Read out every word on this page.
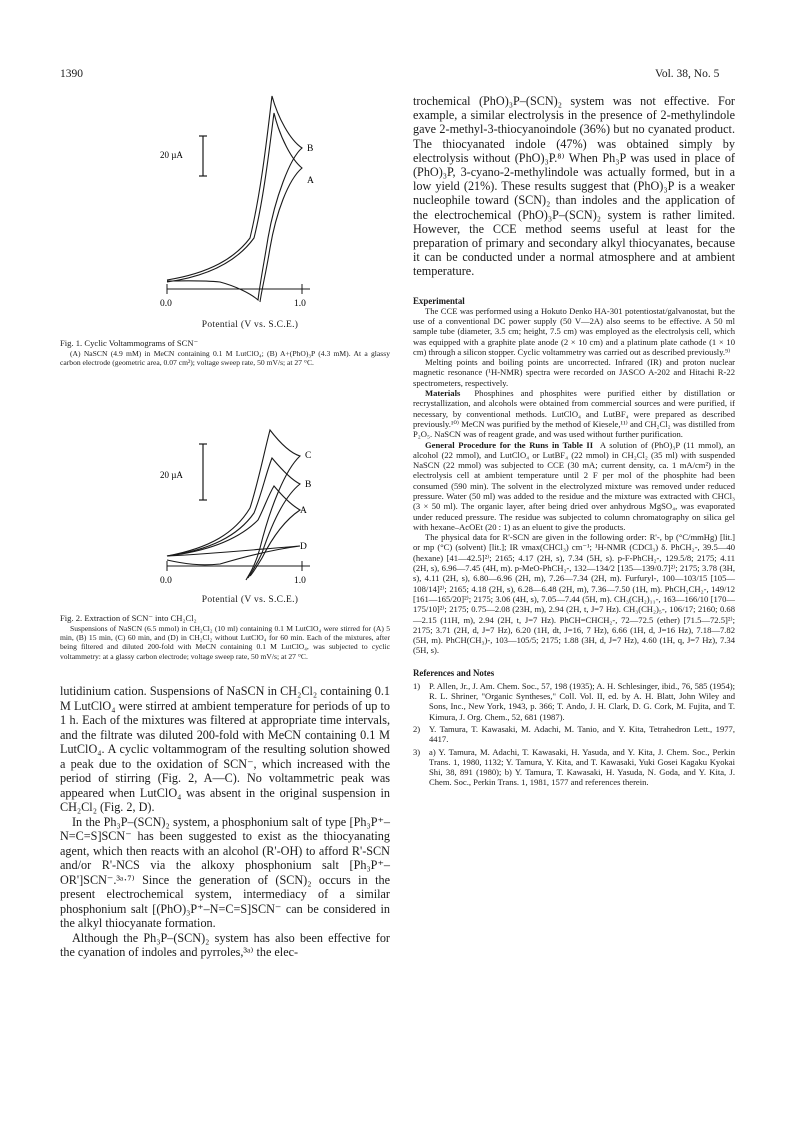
1390	Vol. 38, No. 5
20 µA
B
A
0.0	1.0
Potential (V vs. S.C.E.)
Fig. 1. Cyclic Voltammograms of SCN⁻
(A) NaSCN (4.9 mM) in MeCN containing 0.1 M LutClO₄; (B) A+(PhO)₃P (4.3 mM). At a glassy carbon electrode (geometric area, 0.07 cm²); voltage sweep rate, 50 mV/s; at 27 °C.
20 µA
C
B
A
D
0.0	1.0
Potential (V vs. S.C.E.)
Fig. 2. Extraction of SCN⁻ into CH₂Cl₂
Suspensions of NaSCN (6.5 mmol) in CH₂Cl₂ (10 ml) containing 0.1 M LutClO₄ were stirred for (A) 5 min, (B) 15 min, (C) 60 min, and (D) in CH₂Cl₂ without LutClO₄ for 60 min. Each of the mixtures, after being filtered and diluted 200-fold with MeCN containing 0.1 M LutClO₄, was subjected to cyclic voltammetry: at a glassy carbon electrode; voltage sweep rate, 50 mV/s; at 27 °C.

lutidinium cation. Suspensions of NaSCN in CH₂Cl₂ containing 0.1 M LutClO₄ were stirred at ambient temperature for periods of up to 1 h. Each of the mixtures was filtered at appropriate time intervals, and the filtrate was diluted 200-fold with MeCN containing 0.1 M LutClO₄. A cyclic voltammogram of the resulting solution showed a peak due to the oxidation of SCN⁻, which increased with the period of stirring (Fig. 2, A—C). No voltammetric peak was appeared when LutClO₄ was absent in the original suspension in CH₂Cl₂ (Fig. 2, D).

In the Ph₃P–(SCN)₂ system, a phosphonium salt of type [Ph₃P⁺–N=C=S]SCN⁻ has been suggested to exist as the thiocyanating agent, which then reacts with an alcohol (R'-OH) to afford R'-SCN and/or R'-NCS via the alkoxy phosphonium salt [Ph₃P⁺–OR']SCN⁻.³ᵃ·⁷⁾ Since the generation of (SCN)₂ occurs in the present electrochemical system, intermediacy of a similar phosphonium salt [(PhO)₃P⁺–N=C=S]SCN⁻ can be considered in the alkyl thiocyanate formation.

Although the Ph₃P–(SCN)₂ system has also been effective for the cyanation of indoles and pyrroles,³ᵃ⁾ the elec-

trochemical (PhO)₃P–(SCN)₂ system was not effective. For example, a similar electrolysis in the presence of 2-methylindole gave 2-methyl-3-thiocyanoindole (36%) but no cyanated product. The thiocyanated indole (47%) was obtained simply by electrolysis without (PhO)₃P.⁸⁾ When Ph₃P was used in place of (PhO)₃P, 3-cyano-2-methylindole was actually formed, but in a low yield (21%). These results suggest that (PhO)₃P is a weaker nucleophile toward (SCN)₂ than indoles and the application of the electrochemical (PhO)₃P–(SCN)₂ system is rather limited. However, the CCE method seems useful at least for the preparation of primary and secondary alkyl thiocyanates, because it can be conducted under a normal atmosphere and at ambient temperature.

Experimental

The CCE was performed using a Hokuto Denko HA-301 potentiostat/galvanostat, but the use of a conventional DC power supply (50 V—2A) also seems to be effective. A 50 ml sample tube (diameter, 3.5 cm; height, 7.5 cm) was employed as the electrolysis cell, which was equipped with a graphite plate anode (2 × 10 cm) and a platinum plate cathode (1 × 10 cm) through a silicon stopper. Cyclic voltammetry was carried out as described previously.⁹⁾

Melting points and boiling points are uncorrected. Infrared (IR) and proton nuclear magnetic resonance (¹H-NMR) spectra were recorded on JASCO A-202 and Hitachi R-22 spectrometers, respectively.

Materials Phosphines and phosphites were purified either by distillation or recrystallization, and alcohols were obtained from commercial sources and were purified, if necessary, by conventional methods. LutClO₄ and LutBF₄ were prepared as described previously.¹⁰⁾ MeCN was purified by the method of Kiesele,¹¹⁾ and CH₂Cl₂ was distilled from P₂O₅. NaSCN was of reagent grade, and was used without further purification.

General Procedure for the Runs in Table II A solution of (PhO)₃P (11 mmol), an alcohol (22 mmol), and LutClO₄ or LutBF₄ (22 mmol) in CH₂Cl₂ (35 ml) with suspended NaSCN (22 mmol) was subjected to CCE (30 mA; current density, ca. 1 mA/cm²) in the electrolysis cell at ambient temperature until 2 F per mol of the phosphite had been consumed (590 min). The solvent in the electrolyzed mixture was removed under reduced pressure. Water (50 ml) was added to the residue and the mixture was extracted with CHCl₃ (3 × 50 ml). The organic layer, after being dried over anhydrous MgSO₄, was evaporated under reduced pressure. The residue was subjected to column chromatography on silica gel with hexane–AcOEt (20 : 1) as an eluent to give the products.

The physical data for R'-SCN are given in the following order: R'-, bp (°C/mmHg) [lit.] or mp (°C) (solvent) [lit.]; IR νmax(CHCl₃) cm⁻¹; ¹H-NMR (CDCl₃) δ. PhCH₂-, 39.5—40 (hexane) [41—42.5]²⁾; 2165; 4.17 (2H, s), 7.34 (5H, s). p-F-PhCH₂-, 129.5/8; 2175; 4.11 (2H, s), 6.96—7.45 (4H, m). p-MeO-PhCH₂-, 132—134/2 [135—139/0.7]²⁾; 2175; 3.78 (3H, s), 4.11 (2H, s), 6.80—6.96 (2H, m), 7.26—7.34 (2H, m). Furfuryl-, 100—103/15 [105—108/14]²⁾; 2165; 4.18 (2H, s), 6.28—6.48 (2H, m), 7.36—7.50 (1H, m). PhCH₂CH₂-, 149/12 [161—165/20]²⁾; 2175; 3.06 (4H, s), 7.05—7.44 (5H, m). CH₃(CH₂)₁₁-, 163—166/10 [170—175/10]²⁾; 2175; 0.75—2.08 (23H, m), 2.94 (2H, t, J=7 Hz). CH₃(CH₂)₅-, 106/17; 2160; 0.68—2.15 (11H, m), 2.94 (2H, t, J=7 Hz). PhCH=CHCH₂-, 72—72.5 (ether) [71.5—72.5]²⁾; 2175; 3.71 (2H, d, J=7 Hz), 6.20 (1H, dt, J=16, 7 Hz), 6.66 (1H, d, J=16 Hz), 7.18—7.82 (5H, m). PhCH(CH₃)-, 103—105/5; 2175; 1.88 (3H, d, J=7 Hz), 4.60 (1H, q, J=7 Hz), 7.34 (5H, s).

References and Notes

1)	P. Allen, Jr., J. Am. Chem. Soc., 57, 198 (1935); A. H. Schlesinger, ibid., 76, 585 (1954); R. L. Shriner, "Organic Syntheses," Coll. Vol. II, ed. by A. H. Blatt, John Wiley and Sons, Inc., New York, 1943, p. 366; T. Ando, J. H. Clark, D. G. Cork, M. Fujita, and T. Kimura, J. Org. Chem., 52, 681 (1987).
2)	Y. Tamura, T. Kawasaki, M. Adachi, M. Tanio, and Y. Kita, Tetrahedron Lett., 1977, 4417.
3)	a) Y. Tamura, M. Adachi, T. Kawasaki, H. Yasuda, and Y. Kita, J. Chem. Soc., Perkin Trans. 1, 1980, 1132; Y. Tamura, Y. Kita, and T. Kawasaki, Yuki Gosei Kagaku Kyokai Shi, 38, 891 (1980); b) Y. Tamura, T. Kawasaki, H. Yasuda, N. Goda, and Y. Kita, J. Chem. Soc., Perkin Trans. 1, 1981, 1577 and references therein.
